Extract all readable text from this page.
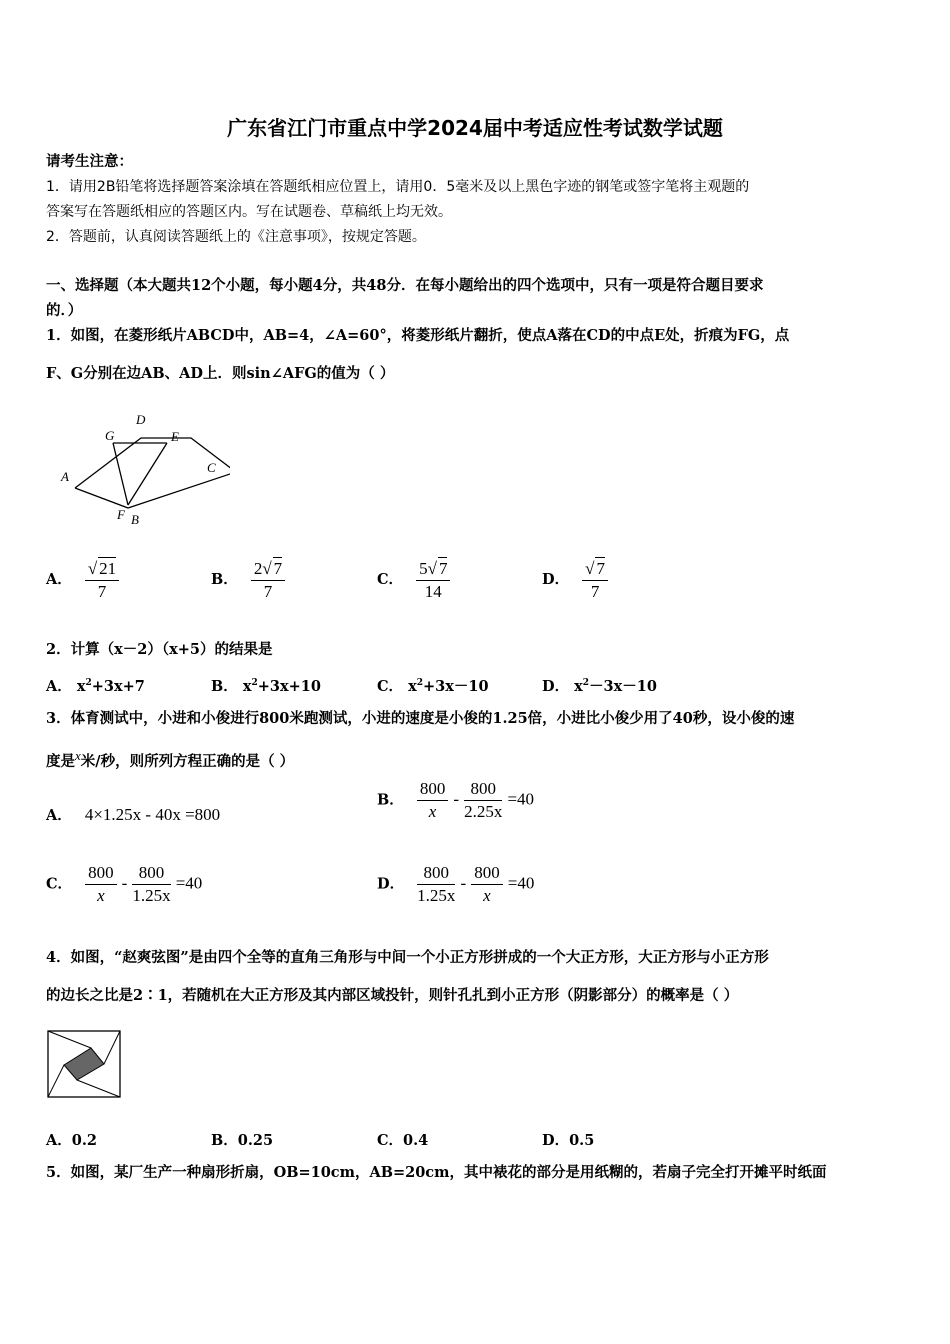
广东省江门市重点中学2024届中考适应性考试数学试题
请考生注意：
1．请用2B铅笔将选择题答案涂填在答题纸相应位置上，请用0．5毫米及以上黑色字迹的钢笔或签字笔将主观题的
答案写在答题纸相应的答题区内。写在试题卷、草稿纸上均无效。
2．答题前，认真阅读答题纸上的《注意事项》，按规定答题。
一、选择题（本大题共12个小题，每小题4分，共48分．在每小题给出的四个选项中，只有一项是符合题目要求
的．）
1．如图，在菱形纸片ABCD中，AB=4，∠A=60°，将菱形纸片翻折，使点A落在CD的中点E处，折痕为FG，点
F、G分别在边AB、AD上．则sin∠AFG的值为（ ）
A
B
C
D
E
F
G
A． $\frac{√ 21}{7}$	B． $\frac{2√ 7}{7}$	C． $\frac{5√ 7}{14}$	D． $\frac{√ 7}{7}$
2．计算（x－2）（x+5）的结果是
A． $x^2+3x+7$	B． $x^2+3x+10$	C． $x^2+3x-10$	D． $x^2-3x-10$
3．体育测试中，小进和小俊进行800米跑测试，小进的速度是小俊的1.25倍，小进比小俊少用了40秒，设小俊的速
度是x米/秒，则所列方程正确的是（ ）
A． 4×1.25x - 40x =800
B． $\frac{800}{x} - \frac{800}{2.25x} =40$
C． $\frac{800}{x} - \frac{800}{1.25x} =40$	D． $\frac{800}{1.25x} - \frac{800}{x} =40$
4．如图，“赵爽弦图”是由四个全等的直角三角形与中间一个小正方形拼成的一个大正方形，大正方形与小正方形
的边长之比是2∶1，若随机在大正方形及其内部区域投针，则针孔扎到小正方形（阴影部分）的概率是（ ）
A．0.2	B．0.25	C．0.4	D．0.5
5．如图，某厂生产一种扇形折扇，OB=10cm，AB=20cm，其中裱花的部分是用纸糊的，若扇子完全打开摊平时纸面
